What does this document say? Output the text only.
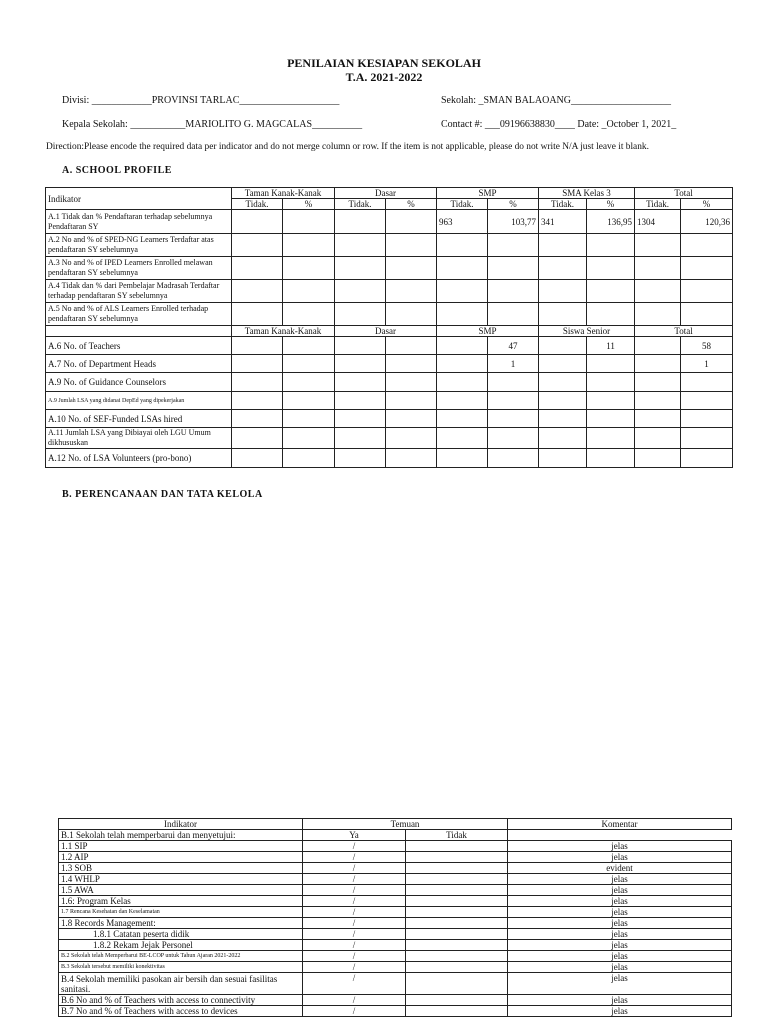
PENILAIAN KESIAPAN SEKOLAH
T.A. 2021-2022
Divisi: ____________PROVINSI TARLAC____________________	Sekolah: _SMAN BALAOANG____________________
Kepala Sekolah: ___________MARIOLITO G. MAGCALAS__________	Contact #: ___09196638830____ Date: _October 1, 2021_
Direction:Please encode the required data per indicator and do not merge column or row. If the item is not applicable, please do not write N/A just leave it blank.
A. SCHOOL PROFILE
Indikator	Taman Kanak-Kanak		Dasar		SMP		SMA Kelas 3		Total	
	Tidak.	%	Tidak.	%	Tidak.	%	Tidak.	%	Tidak.	%
A.1 Tidak dan % Pendaftaran terhadap sebelumnya Pendaftaran SY					963	103,77	341	136,95	1304	120,36
A.2 No and % of SPED-NG Learners Terdaftar atas pendaftaran SY sebelumnya										
A.3 No and % of IPED Learners Enrolled melawan pendaftaran SY sebelumnya										
A.4 Tidak dan % dari Pembelajar Madrasah Terdaftar terhadap pendaftaran SY sebelumnya										
A.5 No and % of ALS Learners Enrolled terhadap pendaftaran SY sebelumnya										
	Taman Kanak-Kanak		Dasar		SMP		Siswa Senior		Total	
A.6 No. of Teachers						47		11		58
A.7 No. of Department Heads						1				1
A.9 No. of Guidance Counselors										
A.9 Jumlah LSA yang didanai DepEd yang dipekerjakan										
A.10 No. of SEF-Funded LSAs hired										
A.11 Jumlah LSA yang Dibiayai oleh LGU Umum dikhususkan										
A.12 No. of LSA Volunteers (pro-bono)										
B. PERENCANAAN DAN TATA KELOLA
Indikator	Temuan		Komentar
B.1 Sekolah telah memperbarui dan menyetujui:	Ya	Tidak	
1.1 SIP	/		jelas
1.2 AIP	/		jelas
1.3 SOB	/		evident
1.4 WHLP	/		jelas
1.5 AWA	/		jelas
1.6: Program Kelas	/		jelas
1.7 Rencana Kesehatan dan Keselamatan	/		jelas
1.8 Records Management:	/		jelas
1.8.1 Catatan peserta didik	/		jelas
1.8.2 Rekam Jejak Personel	/		jelas
B.2 Sekolah telah Memperbarui BE-LCOP untuk Tahun Ajaran 2021-2022	/		jelas
B.3 Sekolah tersebut memiliki konektivitas	/		jelas
B.4 Sekolah memiliki pasokan air bersih dan sesuai fasilitas sanitasi.	/		jelas
B.6 No and % of Teachers with access to connectivity	/		jelas
B.7 No and % of Teachers with access to devices	/		jelas
